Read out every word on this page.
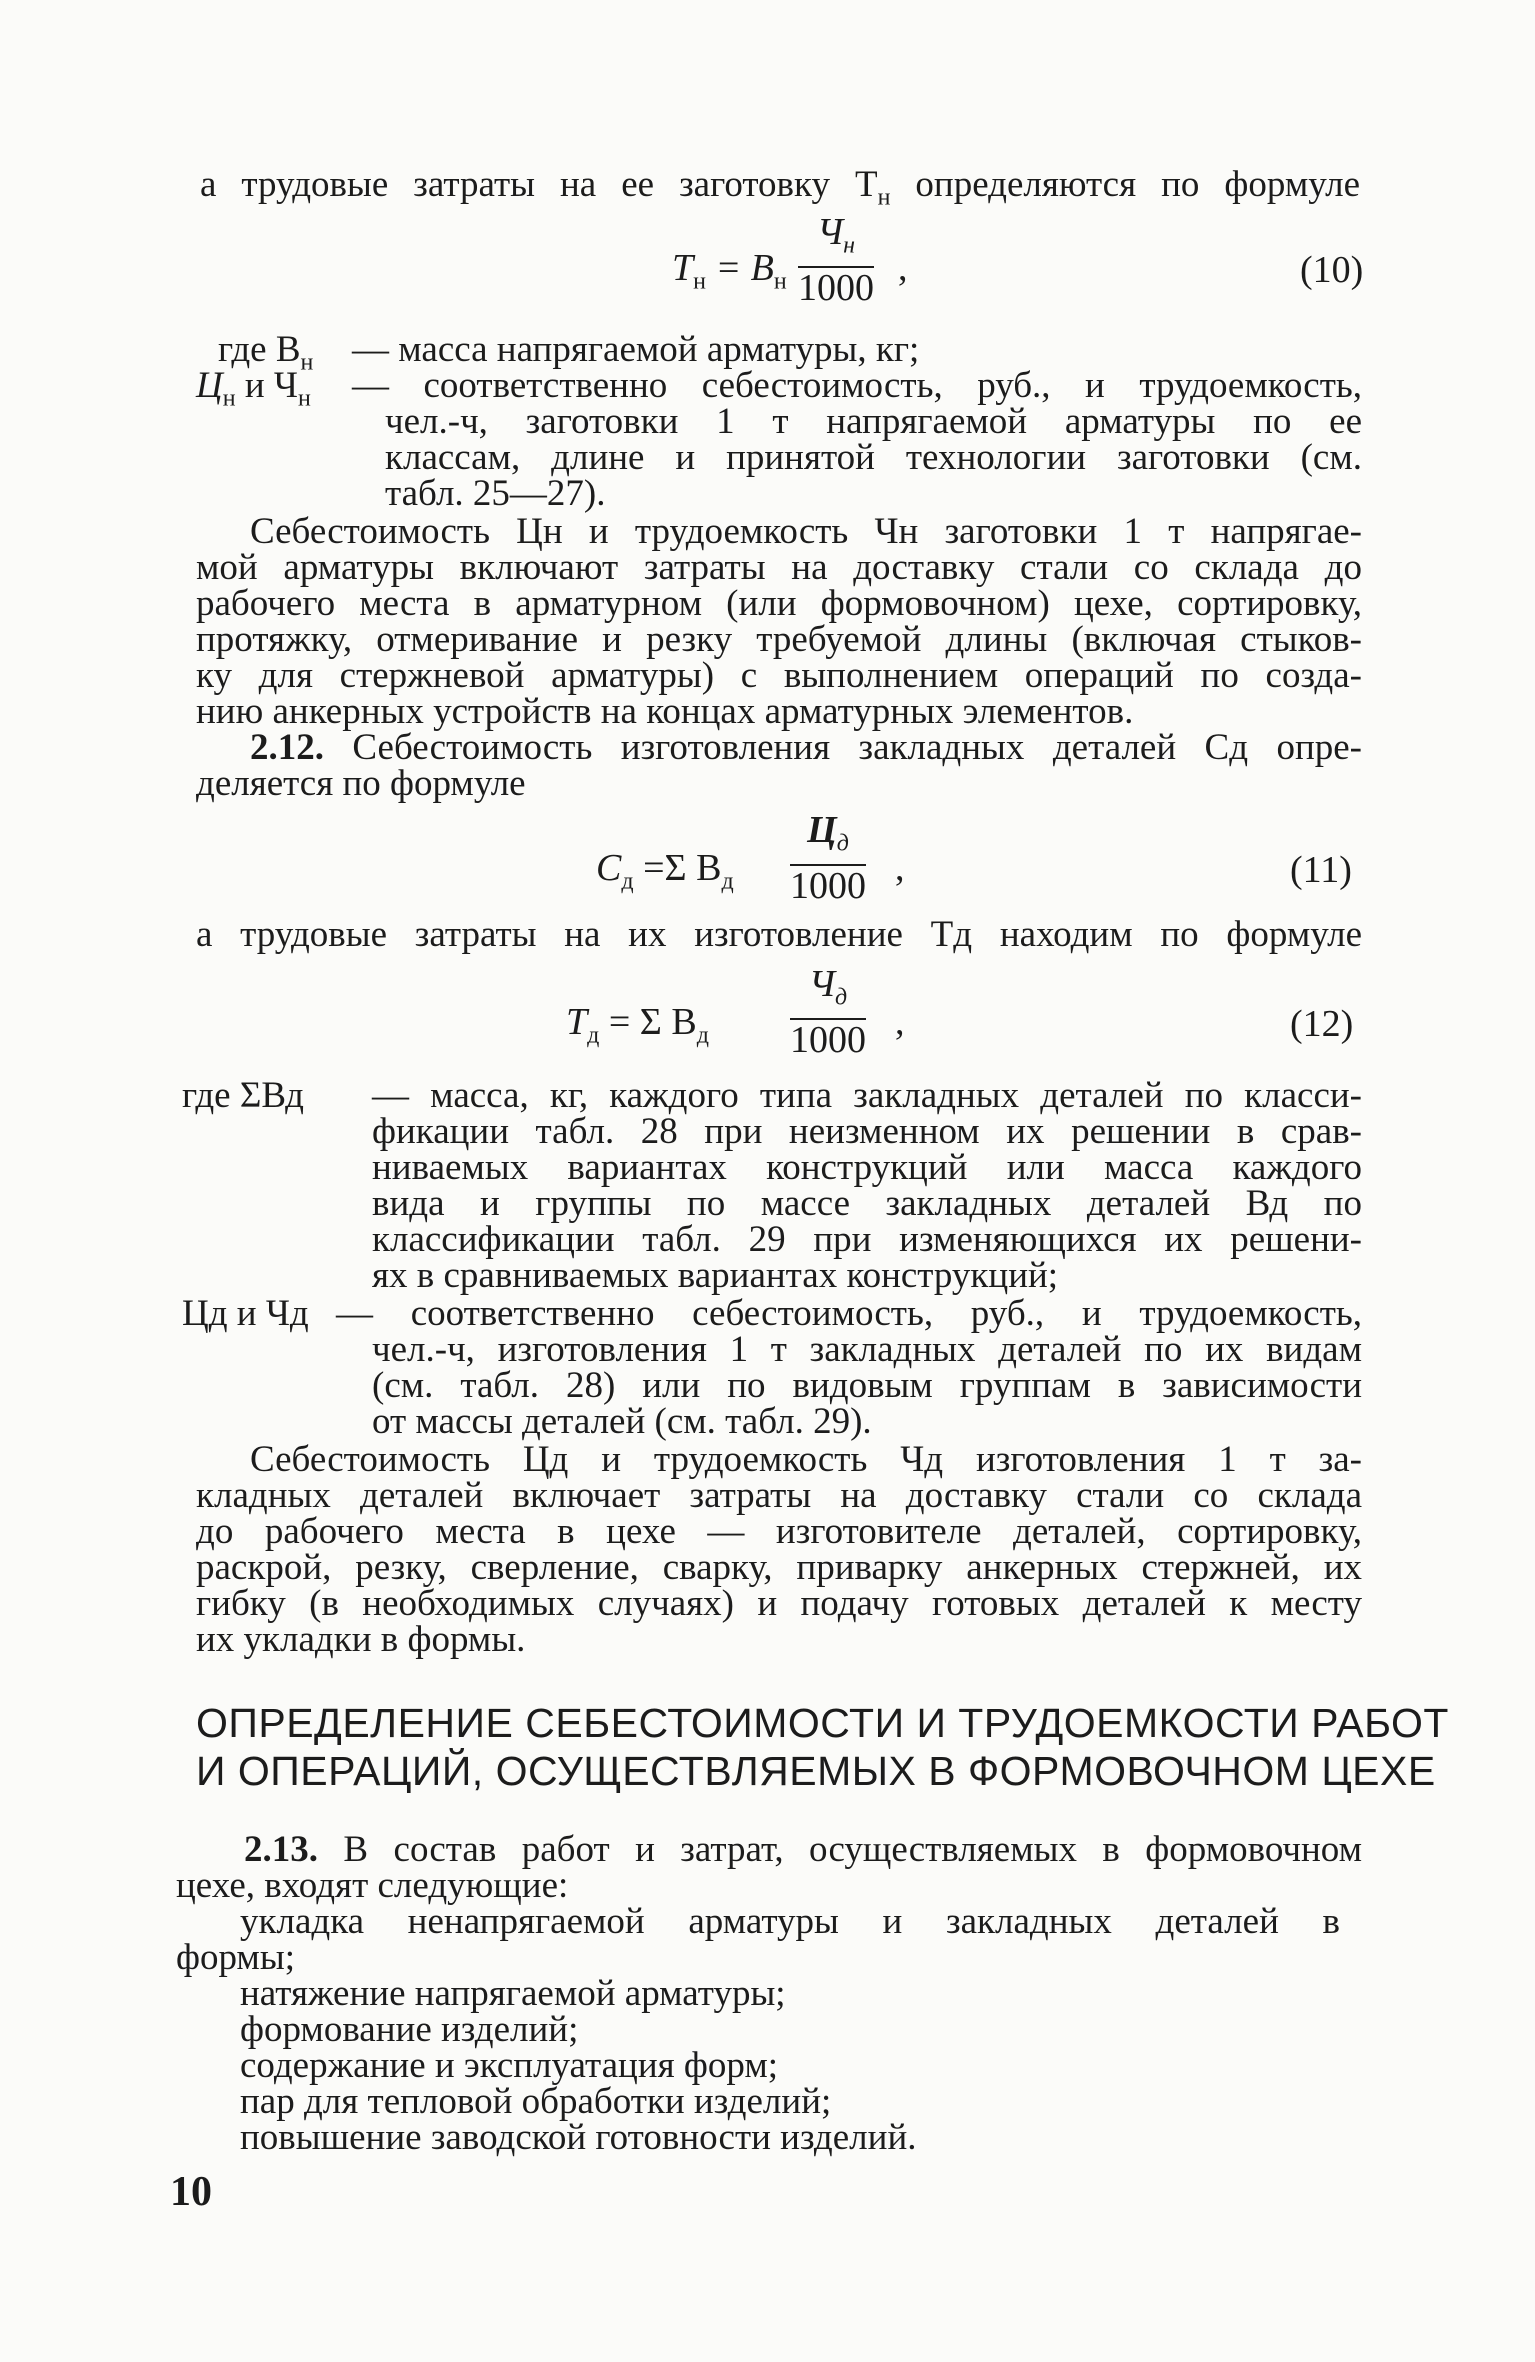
а трудовые затраты на ее заготовку $Т_н$ определяются по формуле
$Т_н = В_н$
$Ч_н$
1000 ,	(10)
где $В_н$ — масса напрягаемой арматуры, кг;
$Ц_н$ и $Ч_н$ — соответственно себестоимость, руб., и трудоемкость,
чел.-ч, заготовки 1 т напрягаемой арматуры по ее
классам, длине и принятой технологии заготовки (см.
табл. 25—27).
Себестоимость Цн и трудоемкость Чн заготовки 1 т напрягае-
мой арматуры включают затраты на доставку стали со склада до
рабочего места в арматурном (или формовочном) цехе, сортировку,
протяжку, отмеривание и резку требуемой длины (включая стыков-
ку для стержневой арматуры) с выполнением операций по созда-
нию анкерных устройств на концах арматурных элементов.
2.12. Себестоимость изготовления закладных деталей Сд опре-
деляется по формуле
$С_д =\Sigma$ $В_д$
$Ц_д$
1000 ,	(11)
а трудовые затраты на их изготовление Тд находим по формуле
$Т_д = \Sigma$ $В_д$
$Ч_д$
1000 ,	(12)
где ΣВд — масса, кг, каждого типа закладных деталей по класси-
фикации табл. 28 при неизменном их решении в срав-
ниваемых вариантах конструкций или масса каждого
вида и группы по массе закладных деталей Вд по
классификации табл. 29 при изменяющихся их решени-
ях в сравниваемых вариантах конструкций;
Цд и Чд — соответственно себестоимость, руб., и трудоемкость,
чел.-ч, изготовления 1 т закладных деталей по их видам
(см. табл. 28) или по видовым группам в зависимости
от массы деталей (см. табл. 29).
Себестоимость Цд и трудоемкость Чд изготовления 1 т за-
кладных деталей включает затраты на доставку стали со склада
до рабочего места в цехе — изготовителе деталей, сортировку,
раскрой, резку, сверление, сварку, приварку анкерных стержней, их
гибку (в необходимых случаях) и подачу готовых деталей к месту
их укладки в формы.
ОПРЕДЕЛЕНИЕ СЕБЕСТОИМОСТИ И ТРУДОЕМКОСТИ РАБОТ
И ОПЕРАЦИЙ, ОСУЩЕСТВЛЯЕМЫХ В ФОРМОВОЧНОМ ЦЕХЕ
2.13. В состав работ и затрат, осуществляемых в формовочном
цехе, входят следующие:
укладка ненапрягаемой арматуры и закладных деталей в
формы;
натяжение напрягаемой арматуры;
формование изделий;
содержание и эксплуатация форм;
пар для тепловой обработки изделий;
повышение заводской готовности изделий.
10
